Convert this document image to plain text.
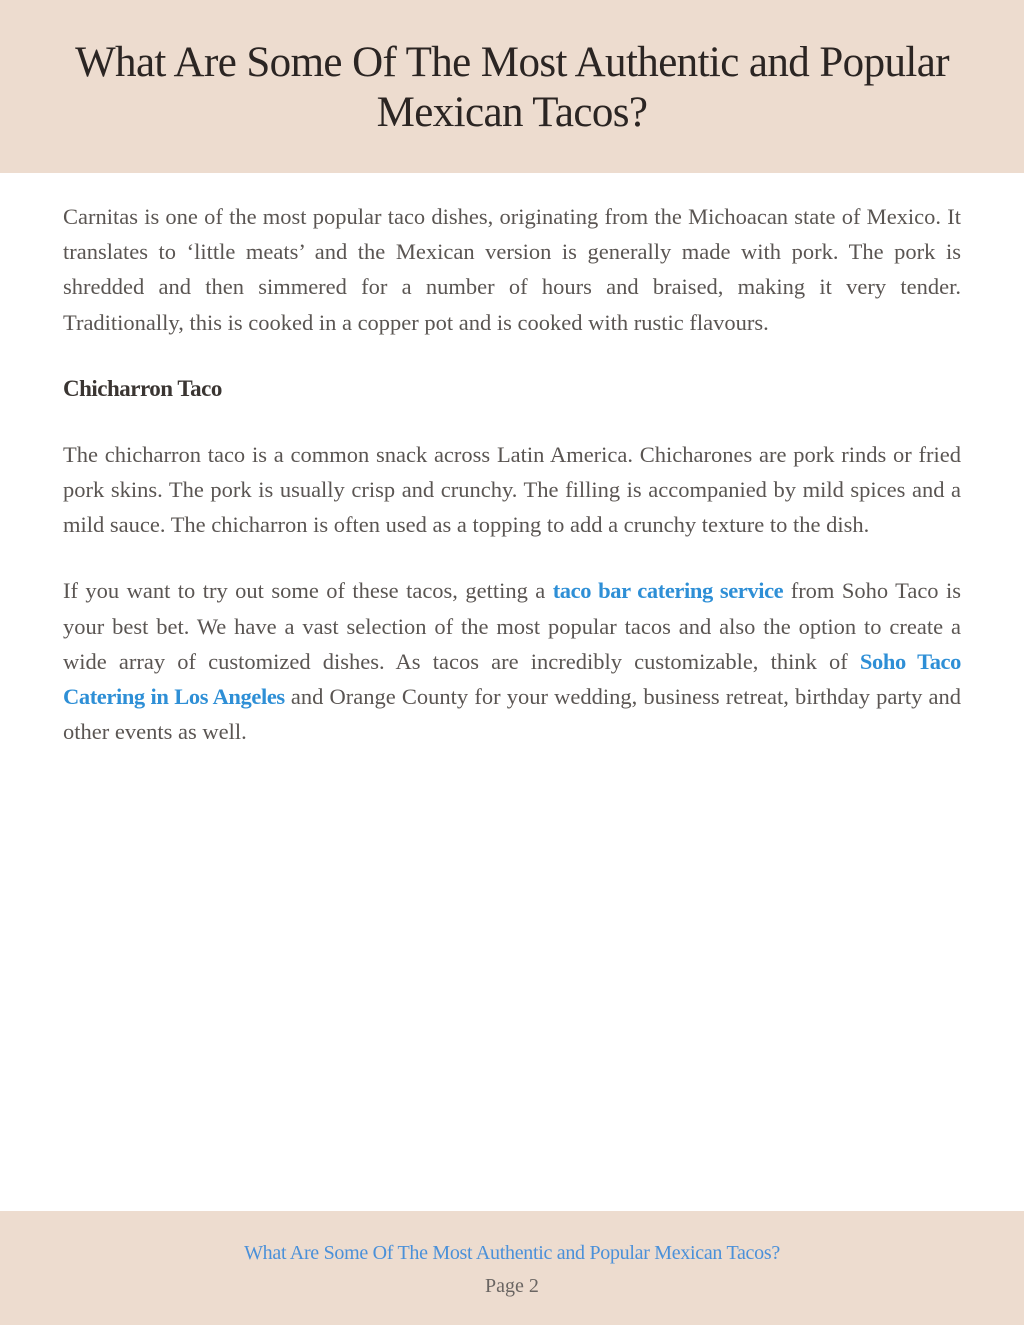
What Are Some Of The Most Authentic and Popular Mexican Tacos?

Carnitas is one of the most popular taco dishes, originating from the Michoacan state of Mexico. It translates to ‘little meats’ and the Mexican version is generally made with pork. The pork is shredded and then simmered for a number of hours and braised, making it very tender. Traditionally, this is cooked in a copper pot and is cooked with rustic flavours.

Chicharron Taco

The chicharron taco is a common snack across Latin America. Chicharones are pork rinds or fried pork skins. The pork is usually crisp and crunchy. The filling is accompanied by mild spices and a mild sauce. The chicharron is often used as a topping to add a crunchy texture to the dish.

If you want to try out some of these tacos, getting a taco bar catering service from Soho Taco is your best bet. We have a vast selection of the most popular tacos and also the option to create a wide array of customized dishes. As tacos are incredibly customizable, think of Soho Taco Catering in Los Angeles and Orange County for your wedding, business retreat, birthday party and other events as well.

What Are Some Of The Most Authentic and Popular Mexican Tacos?
Page 2
